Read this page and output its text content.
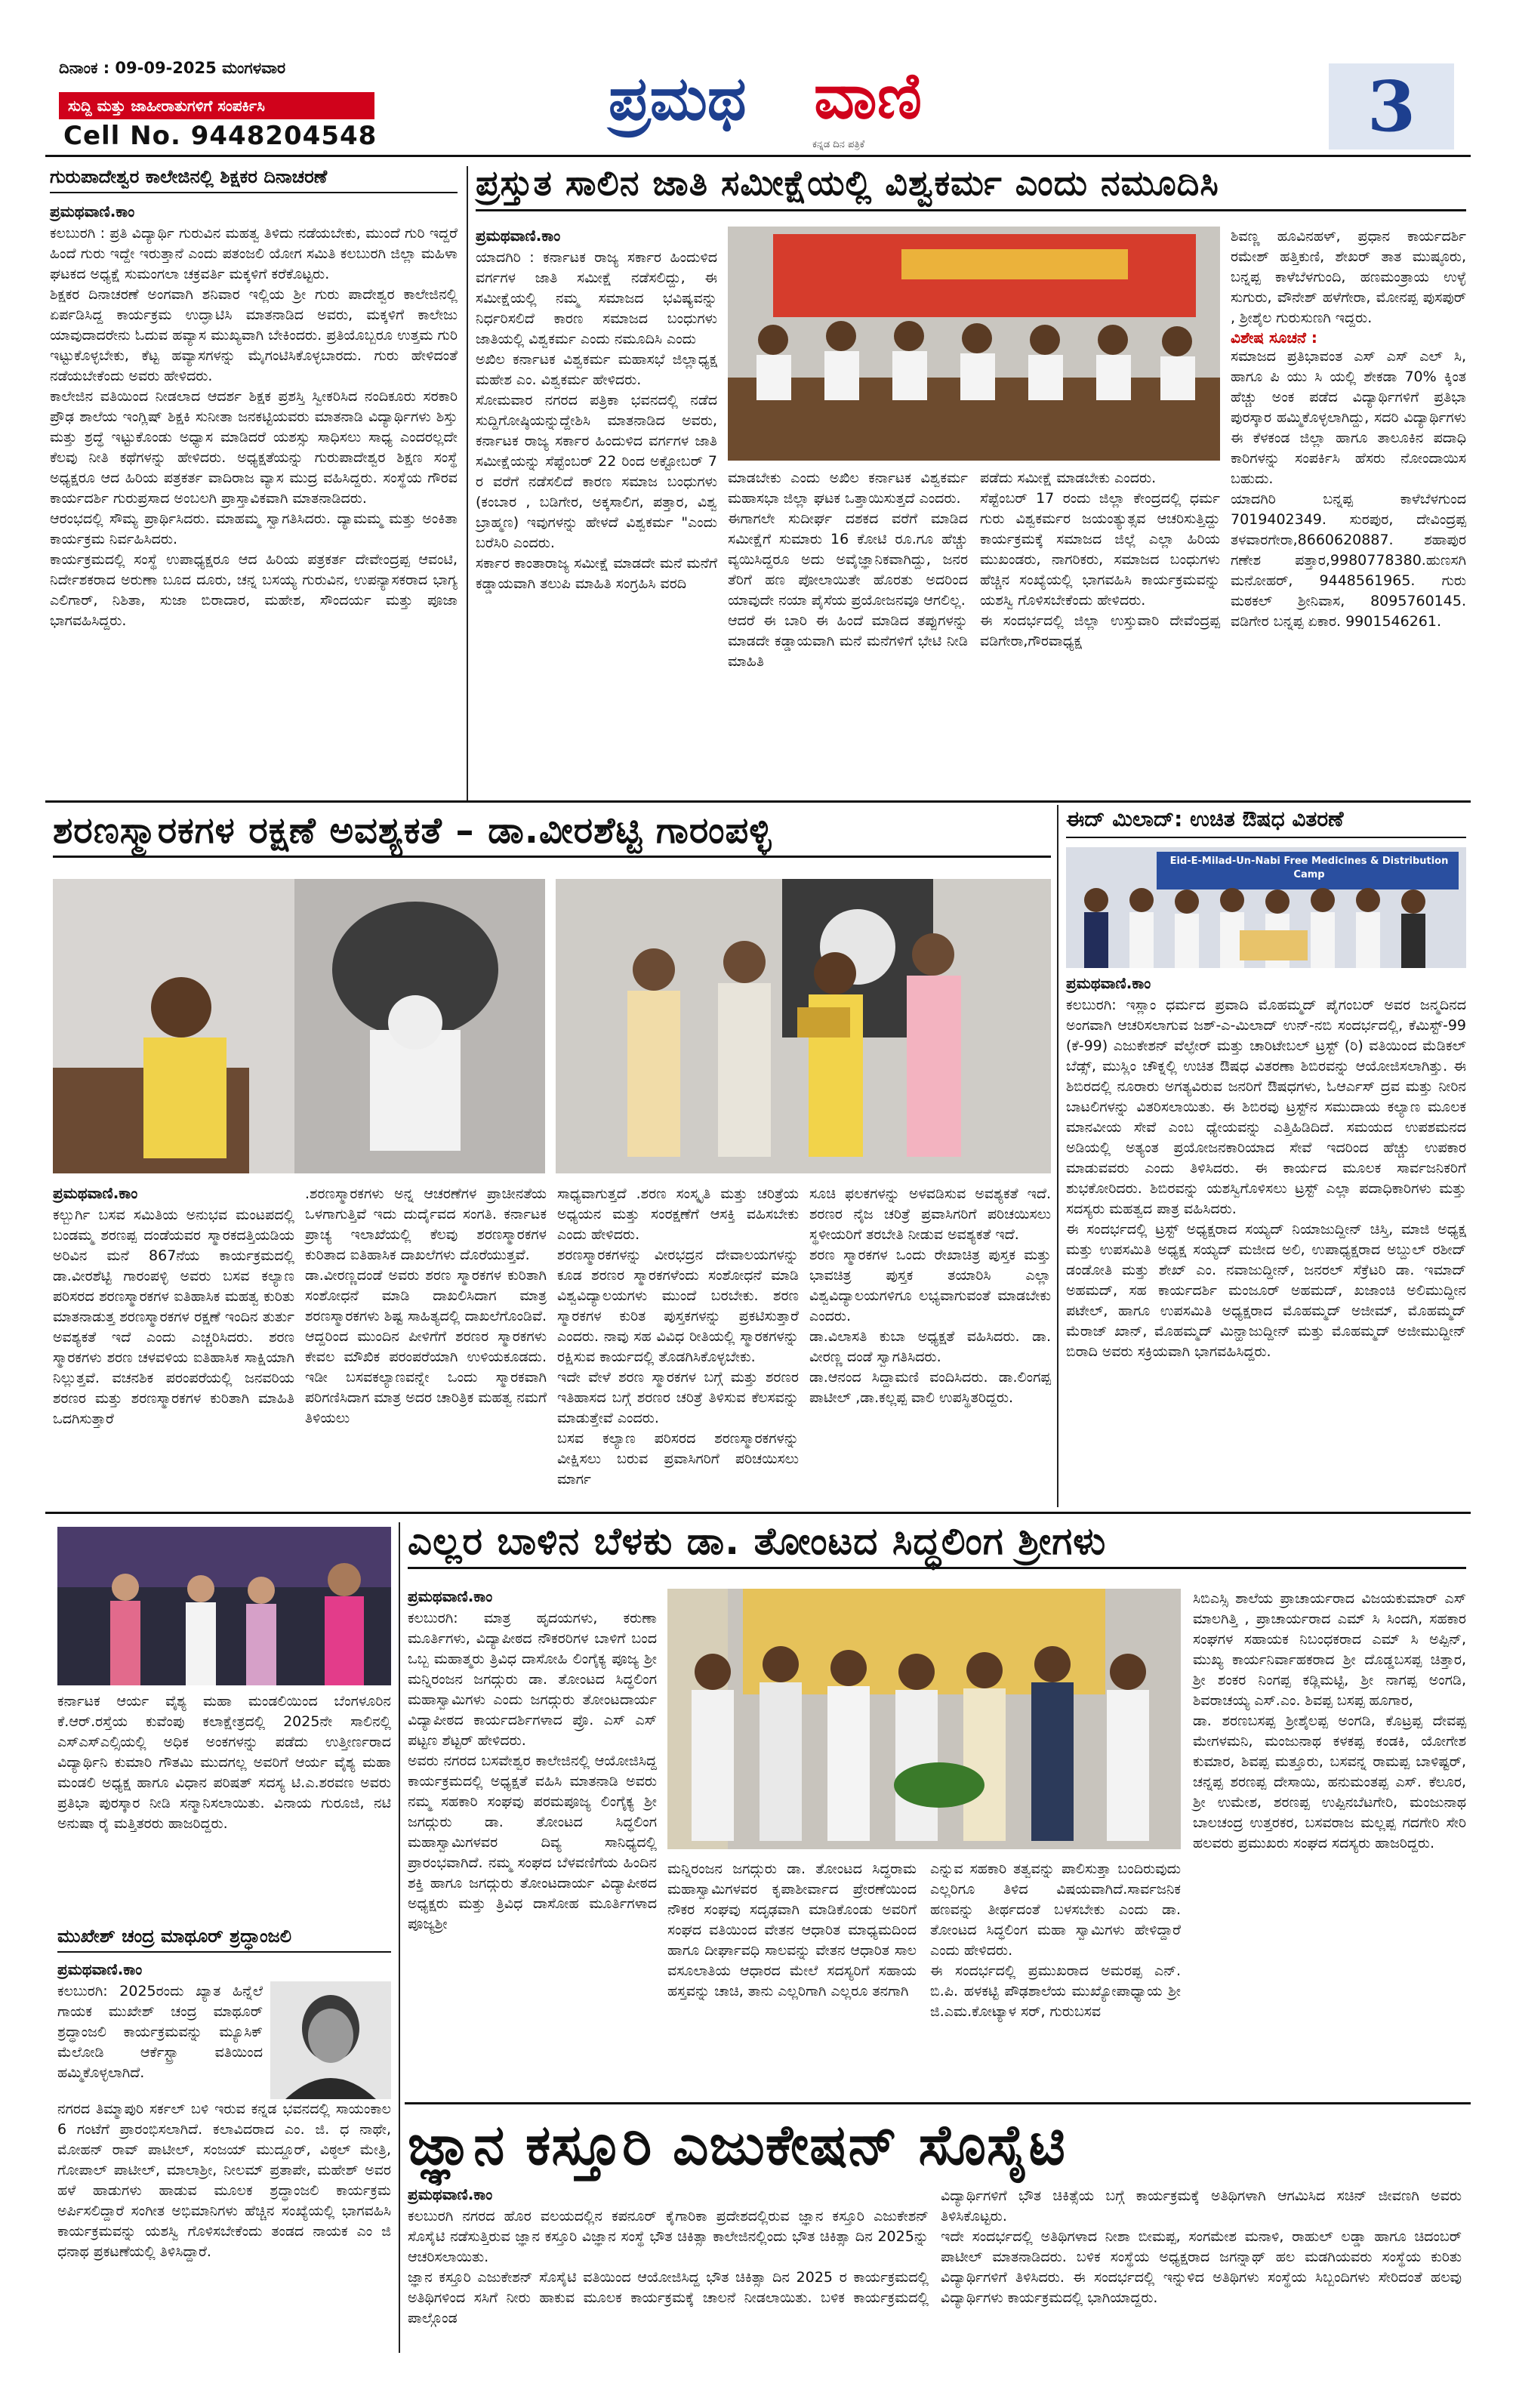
ದಿನಾಂಕ : 09-09-2025 ಮಂಗಳವಾರ
ಸುದ್ದಿ ಮತ್ತು ಜಾಹೀರಾತುಗಳಿಗೆ ಸಂಪರ್ಕಿಸಿ
Cell No. 9448204548
ಪ್ರಮಥ ವಾಣಿ
ಕನ್ನಡ ದಿನ ಪತ್ರಿಕೆ	3
ಗುರುಪಾದೇಶ್ವರ ಕಾಲೇಜಿನಲ್ಲಿ ಶಿಕ್ಷಕರ ದಿನಾಚರಣೆ
ಪ್ರಮಥವಾಣಿ.ಕಾಂ
ಕಲಬುರಗಿ : ಪ್ರತಿ ವಿದ್ಯಾರ್ಥಿ ಗುರುವಿನ ಮಹತ್ವ ತಿಳಿದು ನಡೆಯಬೇಕು, ಮುಂದೆ ಗುರಿ ಇದ್ದರೆ ಹಿಂದೆ ಗುರು ಇದ್ದೇ ಇರುತ್ತಾನೆ ಎಂದು ಪತಂಜಲಿ ಯೋಗ ಸಮಿತಿ ಕಲಬುರಗಿ ಜಿಲ್ಲಾ ಮಹಿಳಾ ಘಟಕದ ಅಧ್ಯಕ್ಷೆ ಸುಮಂಗಲಾ ಚಕ್ರವರ್ತಿ ಮಕ್ಕಳಿಗೆ ಕರೆಕೊಟ್ಟರು.
ಶಿಕ್ಷಕರ ದಿನಾಚರಣೆ ಅಂಗವಾಗಿ ಶನಿವಾರ ಇಲ್ಲಿಯ ಶ್ರೀ ಗುರು ಪಾದೇಶ್ವರ ಕಾಲೇಜಿನಲ್ಲಿ ಏರ್ಪಡಿಸಿದ್ದ ಕಾರ್ಯಕ್ರಮ ಉದ್ಘಾಟಿಸಿ ಮಾತನಾಡಿದ ಅವರು, ಮಕ್ಕಳಿಗೆ ಕಾಲೇಜು ಯಾವುದಾದರೇನು ಓದುವ ಹವ್ಯಾಸ ಮುಖ್ಯವಾಗಿ ಬೇಕಿಂದರು. ಪ್ರತಿಯೊಬ್ಬರೂ ಉತ್ತಮ ಗುರಿ ಇಟ್ಟುಕೊಳ್ಳಬೇಕು, ಕೆಟ್ಟ ಹವ್ಯಾಸಗಳನ್ನು ಮೈಗಂಟಿಸಿಕೊಳ್ಳಬಾರದು. ಗುರು ಹೇಳಿದಂತೆ ನಡೆಯಬೇಕೆಂದು ಅವರು ಹೇಳಿದರು.
ಕಾಲೇಜಿನ ವತಿಯಿಂದ ನೀಡಲಾದ ಆದರ್ಶ ಶಿಕ್ಷಕ ಪ್ರಶಸ್ತಿ ಸ್ವೀಕರಿಸಿದ ನಂದಿಕೂರು ಸರಕಾರಿ ಪ್ರೌಢ ಶಾಲೆಯ ಇಂಗ್ಲಿಷ್ ಶಿಕ್ಷಕಿ ಸುನೀತಾ ಜನಕಟ್ಟಿಯವರು ಮಾತನಾಡಿ ವಿದ್ಯಾರ್ಥಿಗಳು ಶಿಸ್ತು ಮತ್ತು ಶ್ರದ್ಧೆ ಇಟ್ಟುಕೊಂಡು ಅಧ್ಯಾಸ ಮಾಡಿದರೆ ಯಶಸ್ಸು ಸಾಧಿಸಲು ಸಾಧ್ಯ ಎಂದರಲ್ಲದೇ ಕೆಲವು ನೀತಿ ಕಥೆಗಳನ್ನು ಹೇಳಿದರು. ಅಧ್ಯಕ್ಷತೆಯನ್ನು ಗುರುಪಾದೇಶ್ವರ ಶಿಕ್ಷಣ ಸಂಸ್ಥೆ ಅಧ್ಯಕ್ಷರೂ ಆದ ಹಿರಿಯ ಪತ್ರಕರ್ತ ವಾದಿರಾಜ ವ್ಯಾಸ ಮುದ್ರ ವಹಿಸಿದ್ದರು. ಸಂಸ್ಥೆಯ ಗೌರವ ಕಾರ್ಯದರ್ಶಿ ಗುರುಪ್ರಸಾದ ಅಂಬಲಗಿ ಪ್ರಾಸ್ತಾವಿಕವಾಗಿ ಮಾತನಾಡಿದರು.
ಆರಂಭದಲ್ಲಿ ಸೌಮ್ಯ ಪ್ರಾರ್ಥಿಸಿದರು. ಮಾಹಮ್ಮ ಸ್ವಾಗತಿಸಿದರು. ದ್ಯಾಮಮ್ಮ ಮತ್ತು ಅಂಕಿತಾ ಕಾರ್ಯಕ್ರಮ ನಿರ್ವಹಿಸಿದರು.
ಕಾರ್ಯಕ್ರಮದಲ್ಲಿ ಸಂಸ್ಥೆ ಉಪಾಧ್ಯಕ್ಷರೂ ಆದ ಹಿರಿಯ ಪತ್ರಕರ್ತ ದೇವೇಂದ್ರಪ್ಪ ಆವಂಟಿ, ನಿರ್ದೇಶಕರಾದ ಅರುಣಾ ಬೂದ ದೂರು, ಚನ್ನ ಬಸಯ್ಯ ಗುರುವಿನ, ಉಪನ್ಯಾಸಕರಾದ ಭಾಗ್ಯ ಎಲಿಗಾರ್, ನಿಶಿತಾ, ಸುಜಾ ಬಿರಾದಾರ, ಮಹೇಶ, ಸೌಂದರ್ಯ ಮತ್ತು ಪೂಜಾ ಭಾಗವಹಿಸಿದ್ದರು.
ಪ್ರಸ್ತುತ ಸಾಲಿನ ಜಾತಿ ಸಮೀಕ್ಷೆಯಲ್ಲಿ ವಿಶ್ವಕರ್ಮ ಎಂದು ನಮೂದಿಸಿ
ಪ್ರಮಥವಾಣಿ.ಕಾಂ
ಯಾದಗಿರಿ : ಕರ್ನಾಟಕ ರಾಜ್ಯ ಸರ್ಕಾರ ಹಿಂದುಳಿದ ವರ್ಗಗಳ ಜಾತಿ ಸಮೀಕ್ಷೆ ನಡೆಸಲಿದ್ದು, ಈ ಸಮೀಕ್ಷೆಯಲ್ಲಿ ನಮ್ಮ ಸಮಾಜದ ಭವಿಷ್ಯವನ್ನು ನಿರ್ಧರಿಸಲಿದೆ ಕಾರಣ ಸಮಾಜದ ಬಂಧುಗಳು ಜಾತಿಯಲ್ಲಿ ವಿಶ್ವಕರ್ಮ ಎಂದು ನಮೂದಿಸಿ ಎಂದು
ಅಖಿಲ ಕರ್ನಾಟಕ ವಿಶ್ವಕರ್ಮ ಮಹಾಸಭೆ ಜಿಲ್ಲಾಧ್ಯಕ್ಷ ಮಹೇಶ ಎಂ. ವಿಶ್ವಕರ್ಮ ಹೇಳಿದರು.
ಸೋಮವಾರ ನಗರದ ಪತ್ರಿಕಾ ಭವನದಲ್ಲಿ ನಡೆದ ಸುದ್ದಿಗೋಷ್ಠಿಯನ್ನುದ್ದೇಶಿಸಿ ಮಾತನಾಡಿದ ಅವರು, ಕರ್ನಾಟಕ ರಾಜ್ಯ ಸರ್ಕಾರ ಹಿಂದುಳಿದ ವರ್ಗಗಳ ಜಾತಿ ಸಮೀಕ್ಷೆಯನ್ನು ಸೆಪ್ಟೆಂಬರ್ 22 ರಿಂದ ಅಕ್ಟೋಬರ್ 7 ರ ವರೆಗೆ ನಡೆಸಲಿದೆ ಕಾರಣ ಸಮಾಜ ಬಂಧುಗಳು (ಕಂಬಾರ , ಬಡಿಗೇರ, ಅಕ್ಕಸಾಲಿಗ, ಪತ್ತಾರ, ವಿಶ್ವ ಬ್ರಾಹ್ಮಣ) ಇವುಗಳನ್ನು ಹೇಳದೆ ವಿಶ್ವಕರ್ಮ "ಎಂದು ಬರೆಸಿರಿ ಎಂದರು.
ಸರ್ಕಾರ ಕಾಂತಾರಾಜ್ಯ ಸಮೀಕ್ಷೆ ಮಾಡದೇ ಮನೆ ಮನೆಗೆ ಕಡ್ಡಾಯವಾಗಿ ತಲುಪಿ ಮಾಹಿತಿ ಸಂಗ್ರಹಿಸಿ ವರದಿ
ಮಾಡಬೇಕು ಎಂದು ಅಖಿಲ ಕರ್ನಾಟಕ ವಿಶ್ವಕರ್ಮ ಮಹಾಸಭಾ ಜಿಲ್ಲಾ ಘಟಕ ಒತ್ತಾಯಿಸುತ್ತದೆ ಎಂದರು.
ಈಗಾಗಲೇ ಸುದೀರ್ಘ ದಶಕದ ವರೆಗೆ ಮಾಡಿದ ಸಮೀಕ್ಷೆಗೆ ಸುಮಾರು 16 ಕೋಟಿ ರೂ.ಗೂ ಹೆಚ್ಚು ವ್ಯಯಿಸಿದ್ದರೂ ಅದು ಅವೈಜ್ಞಾನಿಕವಾಗಿದ್ದು, ಜನರ ತೆರಿಗೆ ಹಣ ಪೋಲಾಯಿತೇ ಹೊರತು ಅದರಿಂದ ಯಾವುದೇ ನಯಾ ಪೈಸೆಯ ಪ್ರಯೋಜನವೂ ಆಗಲಿಲ್ಲ.
ಆದರೆ ಈ ಬಾರಿ ಈ ಹಿಂದೆ ಮಾಡಿದ ತಪ್ಪುಗಳನ್ನು ಮಾಡದೇ ಕಡ್ಡಾಯವಾಗಿ ಮನೆ ಮನೆಗಳಿಗೆ ಭೇಟಿ ನೀಡಿ ಮಾಹಿತಿ
ಪಡೆದು ಸಮೀಕ್ಷೆ ಮಾಡಬೇಕು ಎಂದರು.
ಸೆಪ್ಟೆಂಬರ್ 17 ರಂದು ಜಿಲ್ಲಾ ಕೇಂದ್ರದಲ್ಲಿ ಧರ್ಮ ಗುರು ವಿಶ್ವಕರ್ಮರ ಜಯಂತ್ಯುತ್ಸವ ಆಚರಿಸುತ್ತಿದ್ದು ಕಾರ್ಯಕ್ರಮಕ್ಕೆ ಸಮಾಜದ ಜಿಲ್ಲೆ ಎಲ್ಲಾ ಹಿರಿಯ ಮುಖಂಡರು, ನಾಗರಿಕರು, ಸಮಾಜದ ಬಂಧುಗಳು ಹೆಚ್ಚಿನ ಸಂಖ್ಯೆಯಲ್ಲಿ ಭಾಗವಹಿಸಿ ಕಾರ್ಯಕ್ರಮವನ್ನು ಯಶಸ್ವಿ ಗೊಳಿಸಬೇಕೆಂದು ಹೇಳಿದರು.
ಈ ಸಂದರ್ಭದಲ್ಲಿ ಜಿಲ್ಲಾ ಉಸ್ತುವಾರಿ ದೇವೆಂದ್ರಪ್ಪ ವಡಿಗೇರಾ,ಗೌರವಾಧ್ಯಕ್ಷ
ಶಿವಣ್ಣ ಹೂವಿನಹಳ್, ಪ್ರಧಾನ ಕಾರ್ಯದರ್ಶಿ ರಮೇಶ್ ಹತ್ತಿಕುಣಿ, ಶೇಖರ್ ತಾತ ಮುಷ್ಠೂರು, ಬನ್ನಪ್ಪ ಕಾಳೆಬೆಳಗುಂದಿ, ಹಣಮಂತ್ರಾಯ ಉಳ್ಳೆ ಸುಗುರು, ವೌನೇಶ್ ಹಳೆಗೇರಾ, ಮೋನಪ್ಪ ಪುಸಪುರ್ , ಶ್ರೀಶೈಲ ಗುರುಸುಣಗಿ ಇದ್ದರು.
ವಿಶೇಷ ಸೂಚನೆ :
ಸಮಾಜದ ಪ್ರತಿಭಾವಂತ ಎಸ್ ಎಸ್ ಎಲ್ ಸಿ, ಹಾಗೂ ಪಿ ಯು ಸಿ ಯಲ್ಲಿ ಶೇಕಡಾ 70% ಕ್ಕಿಂತ ಹೆಚ್ಚು ಅಂಕ ಪಡೆದ ವಿದ್ಯಾರ್ಥಿಗಳಿಗೆ ಪ್ರತಿಭಾ ಪುರಸ್ಕಾರ ಹಮ್ಮಿಕೊಳ್ಳಲಾಗಿದ್ದು, ಸದರಿ ವಿದ್ಯಾರ್ಥಿಗಳು ಈ ಕೆಳಕಂಡ ಜಿಲ್ಲಾ ಹಾಗೂ ತಾಲೂಕಿನ ಪದಾಧಿ ಕಾರಿಗಳನ್ನು ಸಂಪರ್ಕಿಸಿ ಹೆಸರು ನೋಂದಾಯಿಸ ಬಹುದು.
ಯಾದಗಿರಿ ಬನ್ನಪ್ಪ ಕಾಳೆಬೆಳಗುಂದ 7019402349. ಸುರಪುರ, ದೇವಿಂದ್ರಪ್ಪ ತಳವಾರಗೇರಾ,8660620887. ಶಹಾಪುರ ಗಣೇಶ ಪತ್ತಾರ,9980778380.ಹುಣಸಗಿ ಮನೋಹರ್, 9448561965. ಗುರು ಮಠಕಲ್ ಶ್ರೀನಿವಾಸ, 8095760145. ವಡಿಗೇರ ಬನ್ನಪ್ಪ ಏಕಾರ. 9901546261.
ಶರಣಸ್ಮಾರಕಗಳ ರಕ್ಷಣೆ ಅವಶ್ಯಕತೆ – ಡಾ.ವೀರಶೆಟ್ಟಿ ಗಾರಂಪಳ್ಳಿ
ಪ್ರಮಥವಾಣಿ.ಕಾಂ
ಕಲ್ಬುರ್ಗಿ ಬಸವ ಸಮಿತಿಯ ಅನುಭವ ಮಂಟಪದಲ್ಲಿ ಬಂಡಮ್ಮ ಶರಣಪ್ಪ ದಂಡೆಯವರ ಸ್ಮಾರಕದತ್ತಿಯಡಿಯ ಅರಿವಿನ ಮನೆ 867ನೆಯ ಕಾರ್ಯಕ್ರಮದಲ್ಲಿ ಡಾ.ವೀರಶೆಟ್ಟಿ ಗಾರಂಪಳ್ಳಿ ಅವರು ಬಸವ ಕಲ್ಯಾಣ ಪರಿಸರದ ಶರಣಸ್ಮಾರಕಗಳ ಐತಿಹಾಸಿಕ ಮಹತ್ವ ಕುರಿತು ಮಾತನಾಡುತ್ತ ಶರಣಸ್ಮಾರಕಗಳ ರಕ್ಷಣೆ ಇಂದಿನ ತುರ್ತು ಅವಶ್ಯಕತೆ ಇದೆ ಎಂದು ಎಚ್ಚರಿಸಿದರು. ಶರಣ ಸ್ಮಾರಕಗಳು ಶರಣ ಚಳವಳಿಯ ಐತಿಹಾಸಿಕ ಸಾಕ್ಷಿಯಾಗಿ ನಿಲ್ಲುತ್ತವೆ. ವಚನಶಿಕ ಪರಂಪರೆಯಲ್ಲಿ ಜನವರಿಯ ಶರಣರ ಮತ್ತು ಶರಣಸ್ಮಾರಕಗಳ ಕುರಿತಾಗಿ ಮಾಹಿತಿ ಒದಗಿಸುತ್ತಾರೆ
.ಶರಣಸ್ಮಾರಕಗಳು ಅನ್ನ ಆಚರಣೆಗಳ ಪ್ರಾಚೀನತೆಯ ಒಳಗಾಗುತ್ತಿವೆ ಇದು ದುರ್ದೈವದ ಸಂಗತಿ. ಕರ್ನಾಟಕ ಪ್ರಾಚ್ಯ ಇಲಾಖೆಯಲ್ಲಿ ಕೆಲವು ಶರಣಸ್ಮಾರಕಗಳ ಕುರಿತಾದ ಐತಿಹಾಸಿಕ ದಾಖಲೆಗಳು ದೊರೆಯುತ್ತವೆ.
ಡಾ.ವೀರಣ್ಣದಂಡೆ ಅವರು ಶರಣ ಸ್ಮಾರಕಗಳ ಕುರಿತಾಗಿ ಸಂಶೋಧನೆ ಮಾಡಿ ದಾಖಲಿಸಿದಾಗ ಮಾತ್ರ ಶರಣಸ್ಮಾರಕಗಳು ಶಿಷ್ಟ ಸಾಹಿತ್ಯದಲ್ಲಿ ದಾಖಲೆಗೊಂಡಿವೆ. ಆದ್ದರಿಂದ ಮುಂದಿನ ಪೀಳಿಗೆಗೆ ಶರಣರ ಸ್ಮಾರಕಗಳು ಕೇವಲ ಮೌಖಿಕ ಪರಂಪರೆಯಾಗಿ ಉಳಿಯಕೂಡದು. ಇಡೀ ಬಸವಕಲ್ಯಾಣವನ್ನೇ ಒಂದು ಸ್ಮಾರಕವಾಗಿ ಪರಿಗಣಿಸಿದಾಗ ಮಾತ್ರ ಅದರ ಚಾರಿತ್ರಿಕ ಮಹತ್ವ ನಮಗೆ ತಿಳಿಯಲು
ಸಾಧ್ಯವಾಗುತ್ತದೆ .ಶರಣ ಸಂಸ್ಕೃತಿ ಮತ್ತು ಚರಿತ್ರೆಯ ಅಧ್ಯಯನ ಮತ್ತು ಸಂರಕ್ಷಣೆಗೆ ಆಸಕ್ತಿ ವಹಿಸಬೇಕು ಎಂದು ಹೇಳಿದರು.
ಶರಣಸ್ಮಾರಕಗಳನ್ನು ವೀರಭದ್ರನ ದೇವಾಲಯಗಳನ್ನು ಕೂಡ ಶರಣರ ಸ್ಮಾರಕಗಳೆಂದು ಸಂಶೋಧನೆ ಮಾಡಿ ವಿಶ್ವವಿದ್ಯಾಲಯಗಳು ಮುಂದೆ ಬರಬೇಕು. ಶರಣ ಸ್ಮಾರಕಗಳ ಕುರಿತ ಪುಸ್ತಕಗಳನ್ನು ಪ್ರಕಟಿಸುತ್ತಾರೆ ಎಂದರು. ನಾವು ಸಹ ವಿವಿಧ ರೀತಿಯಲ್ಲಿ ಸ್ಮಾರಕಗಳನ್ನು ರಕ್ಷಿಸುವ ಕಾರ್ಯದಲ್ಲಿ ತೊಡಗಿಸಿಕೊಳ್ಳಬೇಕು.
ಇದೇ ವೇಳೆ ಶರಣ ಸ್ಮಾರಕಗಳ ಬಗ್ಗೆ ಮತ್ತು ಶರಣರ ಇತಿಹಾಸದ ಬಗ್ಗೆ ಶರಣರ ಚರಿತ್ರೆ ತಿಳಿಸುವ ಕೆಲಸವನ್ನು ಮಾಡುತ್ತೇವೆ ಎಂದರು.
ಬಸವ ಕಲ್ಯಾಣ ಪರಿಸರದ ಶರಣಸ್ಮಾರಕಗಳನ್ನು ವೀಕ್ಷಿಸಲು ಬರುವ ಪ್ರವಾಸಿಗರಿಗೆ ಪರಿಚಯಿಸಲು ಮಾರ್ಗ
ಸೂಚಿ ಫಲಕಗಳನ್ನು ಅಳವಡಿಸುವ ಅವಶ್ಯಕತೆ ಇದೆ. ಶರಣರ ನೈಜ ಚರಿತ್ರೆ ಪ್ರವಾಸಿಗರಿಗೆ ಪರಿಚಯಿಸಲು ಸ್ಥಳೀಯರಿಗೆ ತರಬೇತಿ ನೀಡುವ ಅವಶ್ಯಕತೆ ಇದೆ.
ಶರಣ ಸ್ಮಾರಕಗಳ ಒಂದು ರೇಖಾಚಿತ್ರ ಪುಸ್ತಕ ಮತ್ತು ಭಾವಚಿತ್ರ ಪುಸ್ತಕ ತಯಾರಿಸಿ ಎಲ್ಲಾ ವಿಶ್ವವಿದ್ಯಾಲಯಗಳಿಗೂ ಲಭ್ಯವಾಗುವಂತೆ ಮಾಡಬೇಕು ಎಂದರು.
ಡಾ.ವಿಲಾಸತಿ ಕುಬಾ ಅಧ್ಯಕ್ಷತೆ ವಹಿಸಿದರು. ಡಾ. ವೀರಣ್ಣ ದಂಡೆ ಸ್ವಾಗತಿಸಿದರು.
ಡಾ.ಆನಂದ ಸಿದ್ದಾಮಣಿ ವಂದಿಸಿದರು. ಡಾ.ಲಿಂಗಪ್ಪ ಪಾಟೀಲ್ ,ಡಾ.ಕಲ್ಲಪ್ಪ ವಾಲಿ ಉಪಸ್ಥಿತರಿದ್ದರು.
ಈದ್ ಮಿಲಾದ್: ಉಚಿತ ಔಷಧ ವಿತರಣೆ
Eid-E-Milad-Un-Nabi Free Medicines & Distribution Camp
ಪ್ರಮಥವಾಣಿ.ಕಾಂ
ಕಲಬುರಗಿ: ಇಸ್ಲಾಂ ಧರ್ಮದ ಪ್ರವಾದಿ ಮೊಹಮ್ಮದ್ ಪೈಗಂಬರ್ ಅವರ ಜನ್ಮದಿನದ ಅಂಗವಾಗಿ ಆಚರಿಸಲಾಗುವ ಜಶ್-ಎ-ಮಿಲಾದ್ ಉನ್-ನಬಿ ಸಂದರ್ಭದಲ್ಲಿ, ಕೆಮಿಸ್ಟ್-99 (ಕೆ-99) ಎಜುಕೇಶನ್ ವೆಲ್ಫೇರ್ ಮತ್ತು ಚಾರಿಟೇಬಲ್ ಟ್ರಸ್ಟ್ (ರಿ) ವತಿಯಿಂದ ಮೆಡಿಕಲ್ ಬೆಡ್ಸ್, ಮುಸ್ಲಿಂ ಚೌಕ್ನಲ್ಲಿ ಉಚಿತ ಔಷಧ ವಿತರಣಾ ಶಿಬಿರವನ್ನು ಆಯೋಜಿಸಲಾಗಿತ್ತು. ಈ ಶಿಬಿರದಲ್ಲಿ ನೂರಾರು ಅಗತ್ಯವಿರುವ ಜನರಿಗೆ ಔಷಧಗಳು, ಓಆರ್ಎಸ್ ದ್ರವ ಮತ್ತು ನೀರಿನ ಬಾಟಲಿಗಳನ್ನು ವಿತರಿಸಲಾಯಿತು. ಈ ಶಿಬಿರವು ಟ್ರಸ್ಟ್‌ನ ಸಮುದಾಯ ಕಲ್ಯಾಣ ಮೂಲಕ ಮಾನವೀಯ ಸೇವೆ ಎಂಬ ಧ್ಯೇಯವನ್ನು ಎತ್ತಿಹಿಡಿದಿದೆ. ಸಮಯದ ಉಪಶಮನದ ಅಡಿಯಲ್ಲಿ ಅತ್ಯಂತ ಪ್ರಯೋಜನಕಾರಿಯಾದ ಸೇವೆ ಇದರಿಂದ ಹೆಚ್ಚು ಉಪಕಾರ ಮಾಡುವವರು ಎಂದು ತಿಳಿಸಿದರು. ಈ ಕಾರ್ಯದ ಮೂಲಕ ಸಾರ್ವಜನಿಕರಿಗೆ ಶುಭಕೋರಿದರು. ಶಿಬಿರವನ್ನು ಯಶಸ್ವಿಗೊಳಿಸಲು ಟ್ರಸ್ಟ್ ಎಲ್ಲಾ ಪದಾಧಿಕಾರಿಗಳು ಮತ್ತು ಸದಸ್ಯರು ಮಹತ್ವದ ಪಾತ್ರ ವಹಿಸಿದರು.
ಈ ಸಂದರ್ಭದಲ್ಲಿ ಟ್ರಸ್ಟ್ ಅಧ್ಯಕ್ಷರಾದ ಸಯ್ಯದ್ ನಿಯಾಜುದ್ದೀನ್ ಚಿಸ್ತಿ, ಮಾಜಿ ಅಧ್ಯಕ್ಷ ಮತ್ತು ಉಪಸಮಿತಿ ಅಧ್ಯಕ್ಷ ಸಯ್ಯದ್ ಮಜೀದ ಅಲಿ, ಉಪಾಧ್ಯಕ್ಷರಾದ ಅಬ್ದುಲ್ ರಶೀದ್ ಡಂಡೋತಿ ಮತ್ತು ಶೇಖ್ ಎಂ. ನವಾಜುದ್ದೀನ್, ಜನರಲ್ ಸೆಕ್ರೆಟರಿ ಡಾ. ಇಮಾದ್ ಅಹಮದ್, ಸಹ ಕಾರ್ಯದರ್ಶಿ ಮಂಜೂರ್ ಅಹಮದ್, ಖಜಾಂಚಿ ಅಲಿಮುದ್ದೀನ ಪಟೇಲ್, ಹಾಗೂ ಉಪಸಮಿತಿ ಅಧ್ಯಕ್ಷರಾದ ಮೊಹಮ್ಮದ್ ಅಜೀಮ್, ಮೊಹಮ್ಮದ್ ಮೆರಾಜ್ ಖಾನ್, ಮೊಹಮ್ಮದ್ ಮಿನ್ಹಾಜುದ್ದೀನ್ ಮತ್ತು ಮೊಹಮ್ಮದ್ ಅಜೀಮುದ್ದೀನ್ ಬಿರಾದಿ ಅವರು ಸಕ್ರಿಯವಾಗಿ ಭಾಗವಹಿಸಿದ್ದರು.
ಕರ್ನಾಟಕ ಆರ್ಯ ವೈಶ್ಯ ಮಹಾ ಮಂಡಲಿಯಿಂದ ಬೆಂಗಳೂರಿನ ಕೆ.ಆರ್.ರಸ್ತೆಯ ಕುವೆಂಪು ಕಲಾಕ್ಷೇತ್ರದಲ್ಲಿ 2025ನೇ ಸಾಲಿನಲ್ಲಿ ಎಸ್ಎಸ್ಎಲ್ಸಿಯಲ್ಲಿ ಅಧಿಕ ಅಂಕಗಳನ್ನು ಪಡೆದು ಉತ್ತೀರ್ಣರಾದ ವಿದ್ಯಾರ್ಥಿನಿ ಕುಮಾರಿ ಗೌತಮಿ ಮುದಗಲ್ಲ ಅವರಿಗೆ ಆರ್ಯ ವೈಶ್ಯ ಮಹಾ ಮಂಡಲಿ ಅಧ್ಯಕ್ಷ ಹಾಗೂ ವಿಧಾನ ಪರಿಷತ್ ಸದಸ್ಯ ಟಿ.ಎ.ಶರವಣ ಅವರು ಪ್ರತಿಭಾ ಪುರಸ್ಕಾರ ನೀಡಿ ಸನ್ಮಾನಿಸಲಾಯಿತು. ವಿನಾಯ ಗುರೂಜಿ, ನಟಿ ಅನುಷಾ ರೈ ಮತ್ತಿತರರು ಹಾಜರಿದ್ದರು.
ಮುಖೇಶ್ ಚಂದ್ರ ಮಾಥೂರ್ ಶ್ರದ್ಧಾಂಜಲಿ
ಪ್ರಮಥವಾಣಿ.ಕಾಂ
ಕಲಬುರಗಿ: 2025ರಂದು ಖ್ಯಾತ ಹಿನ್ನೆಲೆ ಗಾಯಕ ಮುಖೇಶ್ ಚಂದ್ರ ಮಾಥೂರ್ ಶ್ರದ್ಧಾಂಜಲಿ ಕಾರ್ಯಕ್ರಮವನ್ನು ಮ್ಯೂಸಿಕ್ ಮೆಲೋಡಿ ಆರ್ಕೆಸ್ಟ್ರಾ ವತಿಯಿಂದ ಹಮ್ಮಿಕೊಳ್ಳಲಾಗಿದೆ.
ನಗರದ ತಿಮ್ಮಾಪುರಿ ಸರ್ಕಲ್ ಬಳಿ ಇರುವ ಕನ್ನಡ ಭವನದಲ್ಲಿ ಸಾಯಂಕಾಲ 6 ಗಂಟೆಗೆ ಪ್ರಾರಂಭಿಸಲಾಗಿದೆ. ಕಲಾವಿದರಾದ ಎಂ. ಜಿ. ಧ ನಾಥೇ, ಮೋಹನ್ ರಾವ್ ಪಾಟೀಲ್, ಸಂಜಯ್ ಮುದ್ದೂರ್, ವಿಠ್ಠಲ್ ಮೇತ್ರಿ, ಗೋಪಾಲ್ ಪಾಟೀಲ್, ಮಾಲಾಶ್ರೀ, ನೀಲಮ್ ಪ್ರತಾಪೇ, ಮಹೇಶ್ ಅವರ ಹಳೆ ಹಾಡುಗಳು ಹಾಡುವ ಮೂಲಕ ಶ್ರದ್ಧಾಂಜಲಿ ಕಾರ್ಯಕ್ರಮ ಅರ್ಪಿಸಲಿದ್ದಾರೆ ಸಂಗೀತ ಅಭಿಮಾನಿಗಳು ಹೆಚ್ಚಿನ ಸಂಖ್ಯೆಯಲ್ಲಿ ಭಾಗವಹಿಸಿ ಕಾರ್ಯಕ್ರಮವನ್ನು ಯಶಸ್ವಿ ಗೊಳಿಸಬೇಕೆಂದು ತಂಡದ ನಾಯಕ ಎಂ ಜಿ ಧನಾಥ ಪ್ರಕಟಣೆಯಲ್ಲಿ ತಿಳಿಸಿದ್ದಾರೆ.
ಎಲ್ಲರ ಬಾಳಿನ ಬೆಳಕು ಡಾ. ತೋಂಟದ ಸಿದ್ಧಲಿಂಗ ಶ್ರೀಗಳು
ಪ್ರಮಥವಾಣಿ.ಕಾಂ
ಕಲಬುರಗಿ: ಮಾತ್ರ ಹೃದಯಗಳು, ಕರುಣಾ ಮೂರ್ತಿಗಳು, ವಿದ್ಯಾಪೀಠದ ನೌಕರರಿಗಳ ಬಾಳಿಗೆ ಬಂದ ಒಬ್ಬ ಮಹಾತ್ಮರು ತ್ರಿವಿಧ ದಾಸೋಹಿ ಲಿಂಗೈಕ್ಯ ಪೂಜ್ಯ ಶ್ರೀ ಮನ್ನಿರಂಜನ ಜಗದ್ಗುರು ಡಾ. ತೋಂಟದ ಸಿದ್ಧಲಿಂಗ ಮಹಾಸ್ವಾಮಿಗಳು ಎಂದು ಜಗದ್ಗುರು ತೋಂಟದಾರ್ಯ ವಿದ್ಯಾಪೀಠದ ಕಾರ್ಯದರ್ಶಿಗಳಾದ ಪ್ರೊ. ಎಸ್ ಎಸ್ ಪಟ್ಟಣ ಶೆಟ್ಟರ್ ಹೇಳಿದರು.
ಅವರು ನಗರದ ಬಸವೇಶ್ವರ ಕಾಲೇಜಿನಲ್ಲಿ ಆಯೋಜಿಸಿದ್ದ ಕಾರ್ಯಕ್ರಮದಲ್ಲಿ ಅಧ್ಯಕ್ಷತೆ ವಹಿಸಿ ಮಾತನಾಡಿ ಅವರು ನಮ್ಮ ಸಹಕಾರಿ ಸಂಘವು ಪರಮಪೂಜ್ಯ ಲಿಂಗೈಕ್ಯ ಶ್ರೀ ಜಗದ್ಗುರು ಡಾ. ತೋಂಟದ ಸಿದ್ಧಲಿಂಗ ಮಹಾಸ್ವಾಮಿಗಳವರ ದಿವ್ಯ ಸಾನಿಧ್ಯದಲ್ಲಿ ಪ್ರಾರಂಭವಾಗಿದೆ. ನಮ್ಮ ಸಂಘದ ಬೆಳವಣಿಗೆಯ ಹಿಂದಿನ ಶಕ್ತಿ ಹಾಗೂ ಜಗದ್ಗುರು ತೋಂಟದಾರ್ಯ ವಿದ್ಯಾಪೀಠದ ಅಧ್ಯಕ್ಷರು ಮತ್ತು ತ್ರಿವಿಧ ದಾಸೋಹ ಮೂರ್ತಿಗಳಾದ ಪೂಜ್ಯಶ್ರೀ
ಮನ್ನಿರಂಜನ ಜಗದ್ಗುರು ಡಾ. ತೋಂಟದ ಸಿದ್ಧರಾಮ ಮಹಾಸ್ವಾಮಿಗಳವರ ಕೃಪಾಶೀರ್ವಾದ ಪ್ರೇರಣೆಯಿಂದ ನೌಕರ ಸಂಘವು ಸದೃಢವಾಗಿ ಮಾಡಿಕೊಂಡು ಅವರಿಗೆ ಸಂಘದ ವತಿಯಿಂದ ವೇತನ ಆಧಾರಿತ ಮಾಧ್ಯಮದಿಂದ ಹಾಗೂ ದೀರ್ಘಾವಧಿ ಸಾಲವನ್ನು ವೇತನ ಆಧಾರಿತ ಸಾಲ ವಸೂಲಾತಿಯ ಆಧಾರದ ಮೇಲೆ ಸದಸ್ಯರಿಗೆ ಸಹಾಯ ಹಸ್ತವನ್ನು ಚಾಚಿ, ತಾನು ಎಲ್ಲರಿಗಾಗಿ ಎಲ್ಲರೂ ತನಗಾಗಿ
ಎನ್ನುವ ಸಹಕಾರಿ ತತ್ವವನ್ನು ಪಾಲಿಸುತ್ತಾ ಬಂದಿರುವುದು ಎಲ್ಲರಿಗೂ ತಿಳಿದ ವಿಷಯವಾಗಿದೆ.ಸಾರ್ವಜನಿಕ ಹಣವನ್ನು ತೀರ್ಥದಂತೆ ಬಳಸಬೇಕು ಎಂದು ಡಾ. ತೋಂಟದ ಸಿದ್ಧಲಿಂಗ ಮಹಾ ಸ್ವಾಮಿಗಳು ಹೇಳಿದ್ದಾರೆ ಎಂದು ಹೇಳಿದರು.
ಈ ಸಂದರ್ಭದಲ್ಲಿ ಪ್ರಮುಖರಾದ ಅಮರಪ್ಪ ಎನ್. ಬಿ.ಪಿ. ಹಳಕಟ್ಟಿ ಪೌಢಶಾಲೆಯ ಮುಖ್ಯೋಪಾಧ್ಯಾಯ ಶ್ರೀ ಜಿ.ಎಮ.ಕೋಟ್ಯಾಳ ಸರ್, ಗುರುಬಸವ
ಸಿಬಿಎಸ್ಸಿ ಶಾಲೆಯ ಪ್ರಾಚಾರ್ಯರಾದ ವಿಜಯಕುಮಾರ್ ಎಸ್ ಮಾಲಗಿತ್ತಿ , ಪ್ರಾಚಾರ್ಯರಾದ ಎಮ್ ಸಿ ಸಿಂದಗಿ, ಸಹಕಾರ ಸಂಘಗಳ ಸಹಾಯಕ ನಿಬಂಧಕರಾದ ಎಮ್ ಸಿ ಅಪ್ಪಿನ್, ಮುಖ್ಯ ಕಾರ್ಯನಿರ್ವಾಹಕರಾದ ಶ್ರೀ ದೊಡ್ಡಬಸಪ್ಪ ಚಿತ್ತಾರ, ಶ್ರೀ ಶಂಕರ ನಿಂಗಪ್ಪ ಕಡ್ಲಿಮಟ್ಟಿ, ಶ್ರೀ ನಾಗಪ್ಪ ಅಂಗಡಿ, ಶಿವರಾಚಯ್ಯ ಎಸ್.ಎಂ. ಶಿವಪ್ಪ ಬಸಪ್ಪ ಹೂಗಾರ,
ಡಾ. ಶರಣಬಸಪ್ಪ ಶ್ರೀಶೈಲಪ್ಪ ಅಂಗಡಿ, ಕೊಟ್ರಪ್ಪ ದೇವಪ್ಪ ಮೇಗಳಮನಿ, ಮಂಜುನಾಥ ಕಳಕಪ್ಪ ಕಂಡಕಿ, ಯೋಗೇಶ ಕುಮಾರ, ಶಿವಪ್ಪ ಮತ್ತೂರು, ಬಸವನ್ನ ರಾಮಪ್ಪ ಬಾಳಿಷ್ಟರ್, ಚನ್ನಪ್ಪ ಶರಣಪ್ಪ ದೇಸಾಯಿ, ಹನುಮಂತಪ್ಪ ಎಸ್. ಕೆಲೂರ, ಶ್ರೀ ಉಮೇಶ, ಶರಣಪ್ಪ ಉಪ್ಪಿನಬೆಟಗೇರಿ, ಮಂಜುನಾಥ ಬಾಲಚಂದ್ರ ಉತ್ತರಕರ, ಬಸವರಾಜ ಮಲ್ಲಪ್ಪ ಗದಗೇರಿ ಸೇರಿ ಹಲವರು ಪ್ರಮುಖರು ಸಂಘದ ಸದಸ್ಯರು ಹಾಜರಿದ್ದರು.
ಜ್ಞಾನ ಕಸ್ತೂರಿ ಎಜುಕೇಷನ್ ಸೊಸೈಟಿ
ಪ್ರಮಥವಾಣಿ.ಕಾಂ
ಕಲಬುರಗಿ ನಗರದ ಹೊರ ವಲಯದಲ್ಲಿನ ಕಪನೂರ್ ಕೈಗಾರಿಕಾ ಪ್ರದೇಶದಲ್ಲಿರುವ ಜ್ಞಾನ ಕಸ್ತೂರಿ ಎಜುಕೇಶನ್ ಸೊಸೈಟಿ ನಡೆಸುತ್ತಿರುವ ಜ್ಞಾನ ಕಸ್ತೂರಿ ವಿಜ್ಞಾನ ಸಂಸ್ಥೆ ಭೌತ ಚಿಕಿತ್ಸಾ ಕಾಲೇಜಿನಲ್ಲಿಂದು ಭೌತ ಚಿಕಿತ್ಸಾ ದಿನ 2025ನ್ನು ಆಚರಿಸಲಾಯಿತು.
ಜ್ಞಾನ ಕಸ್ತೂರಿ ಎಜುಕೇಶನ್ ಸೊಸೈಟಿ ವತಿಯಿಂದ ಆಯೋಜಿಸಿದ್ದ ಭೌತ ಚಿಕಿತ್ಸಾ ದಿನ 2025 ರ ಕಾರ್ಯಕ್ರಮದಲ್ಲಿ ಅತಿಥಿಗಳಿಂದ ಸಸಿಗೆ ನೀರು ಹಾಕುವ ಮೂಲಕ ಕಾರ್ಯಕ್ರಮಕ್ಕೆ ಚಾಲನೆ ನೀಡಲಾಯಿತು. ಬಳಿಕ ಕಾರ್ಯಕ್ರಮದಲ್ಲಿ ಪಾಲ್ಗೊಂಡ
ವಿದ್ಯಾರ್ಥಿಗಳಿಗೆ ಭೌತ ಚಿಕಿತ್ಸೆಯ ಬಗ್ಗೆ ಕಾರ್ಯಕ್ರಮಕ್ಕೆ ಅತಿಥಿಗಳಾಗಿ ಆಗಮಿಸಿದ ಸಚಿನ್ ಜೀವಣಗಿ ಅವರು ತಿಳಿಸಿಕೊಟ್ಟರು.
ಇದೇ ಸಂದರ್ಭದಲ್ಲಿ ಅತಿಥಿಗಳಾದ ನೀಶಾ ಬೀಮಪ್ಪ, ಸಂಗಮೇಶ ಮನಾಳಿ, ರಾಹುಲ್ ಲಡ್ಡಾ ಹಾಗೂ ಚಿದಂಬರ್ ಪಾಟೀಲ್ ಮಾತನಾಡಿದರು. ಬಳಿಕ ಸಂಸ್ಥೆಯ ಅಧ್ಯಕ್ಷರಾದ ಜಗನ್ನಾಥ್ ಹಲ ಮಡಗಿಯವರು ಸಂಸ್ಥೆಯ ಕುರಿತು ವಿದ್ಯಾರ್ಥಿಗಳಿಗೆ ತಿಳಿಸಿದರು. ಈ ಸಂದರ್ಭದಲ್ಲಿ ಇನ್ನುಳಿದ ಅತಿಥಿಗಳು ಸಂಸ್ಥೆಯ ಸಿಬ್ಬಂದಿಗಳು ಸೇರಿದಂತೆ ಹಲವು ವಿದ್ಯಾರ್ಥಿಗಳು ಕಾರ್ಯಕ್ರಮದಲ್ಲಿ ಭಾಗಿಯಾದ್ದರು.
